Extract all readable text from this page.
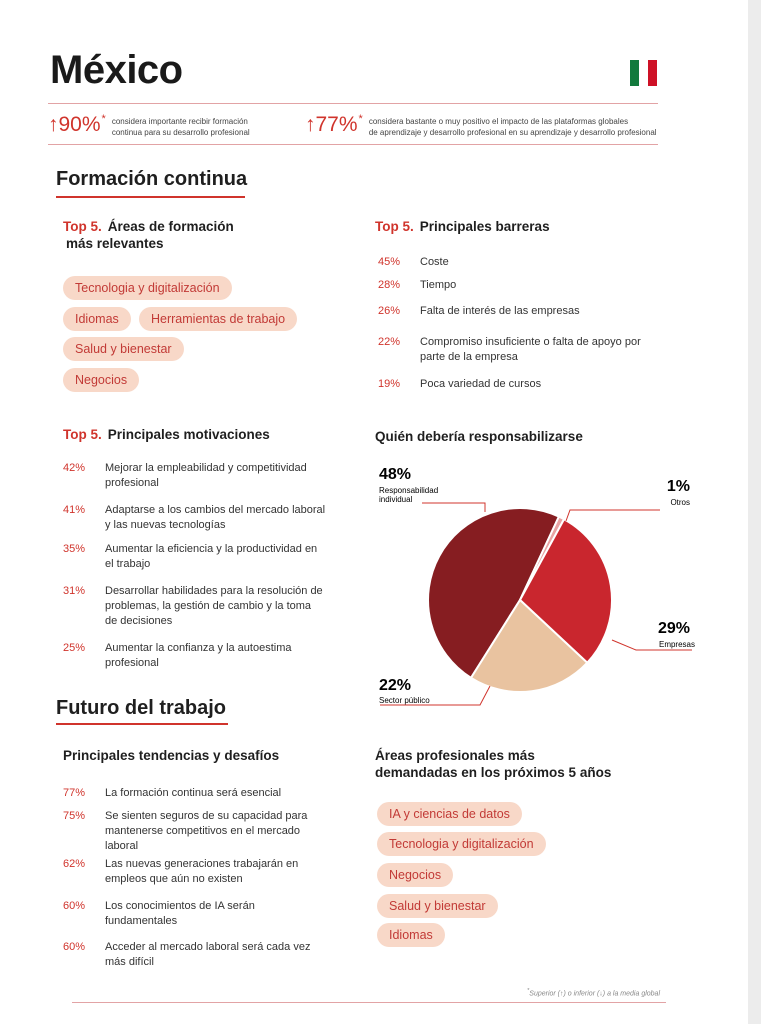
México
↑90% * considera importante recibir formación
continua para su desarrollo profesional	↑77% * considera bastante o muy positivo el impacto de las plataformas globales
de aprendizaje y desarrollo profesional en su aprendizaje y desarrollo profesional
Formación continua
Top 5. Áreas de formación
más relevantes
Tecnologia y digitalización
Idiomas	Herramientas de trabajo
Salud y bienestar
Negocios
Top 5. Principales barreras
45%	Coste
28%	Tiempo
26%	Falta de interés de las empresas
22%	Compromiso insuficiente o falta de apoyo por
parte de la empresa
19%	Poca variedad de cursos
Top 5. Principales motivaciones
42%	Mejorar la empleabilidad y competitividad
profesional
41%	Adaptarse a los cambios del mercado laboral
y las nuevas tecnologías
35%	Aumentar la eficiencia y la productividad en
el trabajo
31%	Desarrollar habilidades para la resolución de
problemas, la gestión de cambio y la toma
de decisiones
25%	Aumentar la confianza y la autoestima
profesional
Quién debería responsabilizarse
48%
Responsabilidad
individual
1%
Otros
29%
Empresas
22%
Sector público
Futuro del trabajo
Principales tendencias y desafíos
77%	La formación continua será esencial
75%	Se sienten seguros de su capacidad para
mantenerse competitivos en el mercado
laboral
62%	Las nuevas generaciones trabajarán en
empleos que aún no existen
60%	Los conocimientos de IA serán
fundamentales
60%	Acceder al mercado laboral será cada vez
más difícil
Áreas profesionales más
demandadas en los próximos 5 años
IA y ciencias de datos
Tecnologia y digitalización
Negocios
Salud y bienestar
Idiomas
*Superior (↑) o inferior (↓) a la media global
